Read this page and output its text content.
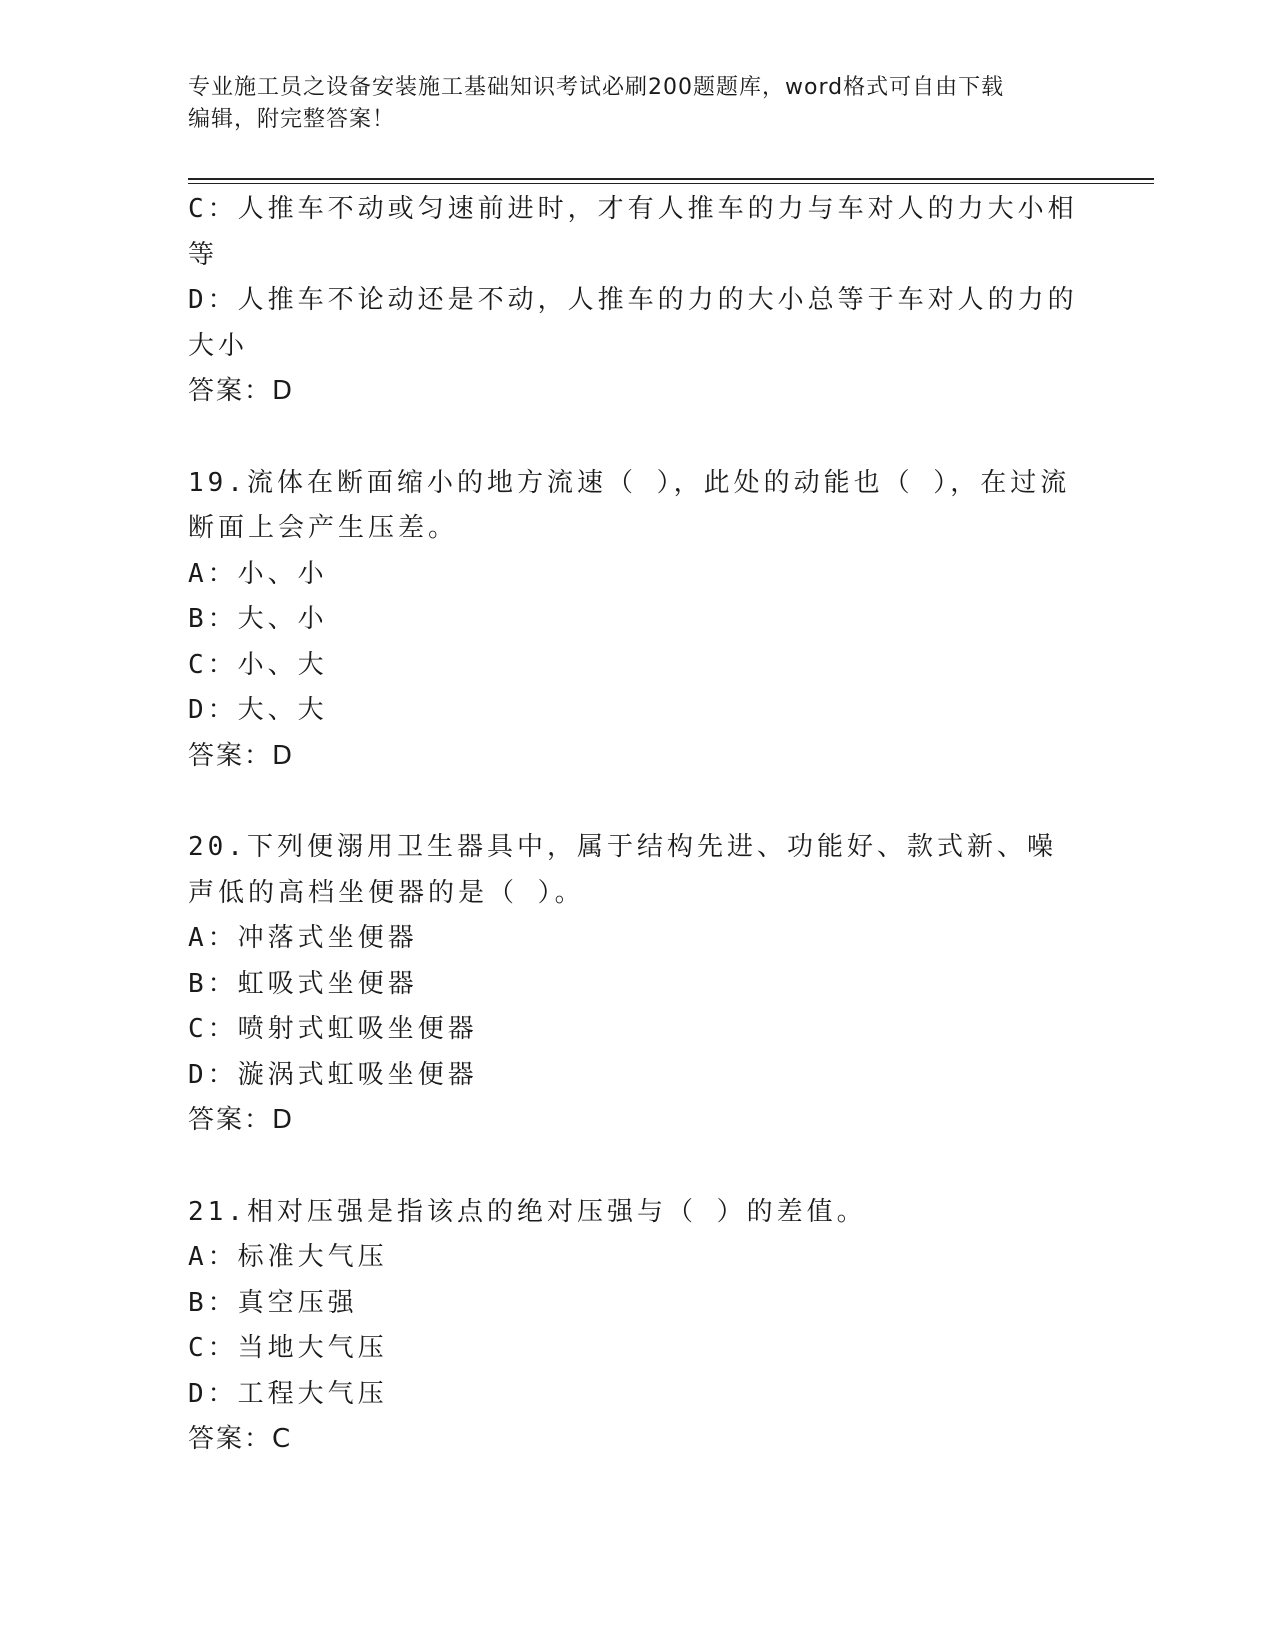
专业施工员之设备安装施工基础知识考试必刷200题题库，word格式可自由下载
编辑，附完整答案！
C：人推车不动或匀速前进时，才有人推车的力与车对人的力大小相等
D：人推车不论动还是不动，人推车的力的大小总等于车对人的力的大小
答案：D
19.流体在断面缩小的地方流速（ ），此处的动能也（ ），在过流断面上会产生压差。
A：小、小
B：大、小
C：小、大
D：大、大
答案：D
20.下列便溺用卫生器具中，属于结构先进、功能好、款式新、噪声低的高档坐便器的是（ ）。
A：冲落式坐便器
B：虹吸式坐便器
C：喷射式虹吸坐便器
D：漩涡式虹吸坐便器
答案：D
21.相对压强是指该点的绝对压强与（ ）的差值。
A：标准大气压
B：真空压强
C：当地大气压
D：工程大气压
答案：C
